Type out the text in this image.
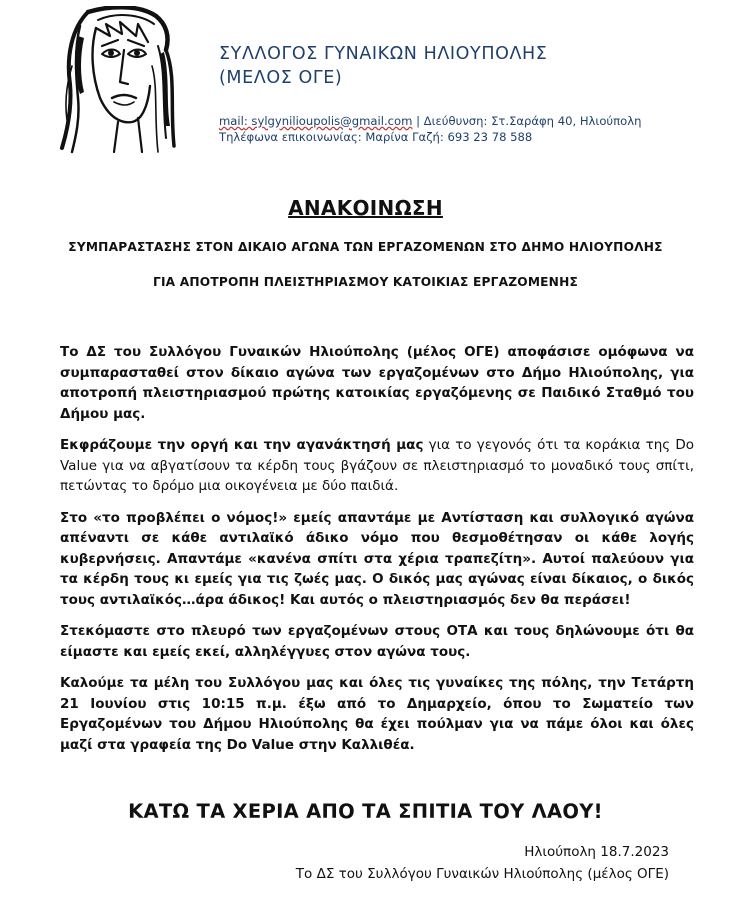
ΣΥΛΛΟΓΟΣ ΓΥΝΑΙΚΩΝ ΗΛΙΟΥΠΟΛΗΣ
(ΜΕΛΟΣ ΟΓΕ)
mail: sylgynilioupolis@gmail.com | Διεύθυνση: Στ.Σαράφη 40, Ηλιούπολη
Τηλέφωνα επικοινωνίας: Μαρίνα Γαζή: 693 23 78 588
ΑΝΑΚΟΙΝΩΣΗ
ΣΥΜΠΑΡΑΣΤΑΣΗΣ ΣΤΟΝ ΔΙΚΑΙΟ ΑΓΩΝΑ ΤΩΝ ΕΡΓΑΖΟΜΕΝΩΝ ΣΤΟ ΔΗΜΟ ΗΛΙΟΥΠΟΛΗΣ
ΓΙΑ ΑΠΟΤΡΟΠΗ ΠΛΕΙΣΤΗΡΙΑΣΜΟΥ ΚΑΤΟΙΚΙΑΣ ΕΡΓΑΖΟΜΕΝΗΣ

Το ΔΣ του Συλλόγου Γυναικών Ηλιούπολης (μέλος ΟΓΕ) αποφάσισε ομόφωνα να συμπαρασταθεί στον δίκαιο αγώνα των εργαζομένων στο Δήμο Ηλιούπολης, για αποτροπή πλειστηριασμού πρώτης κατοικίας εργαζόμενης σε Παιδικό Σταθμό του Δήμου μας.

Εκφράζουμε την οργή και την αγανάκτησή μας για το γεγονός ότι τα κοράκια της Do Value για να αβγατίσουν τα κέρδη τους βγάζουν σε πλειστηριασμό το μοναδικό τους σπίτι, πετώντας το δρόμο μια οικογένεια με δύο παιδιά.

Στο «το προβλέπει ο νόμος!» εμείς απαντάμε με Αντίσταση και συλλογικό αγώνα απέναντι σε κάθε αντιλαϊκό άδικο νόμο που θεσμοθέτησαν οι κάθε λογής κυβερνήσεις. Απαντάμε «κανένα σπίτι στα χέρια τραπεζίτη». Αυτοί παλεύουν για τα κέρδη τους κι εμείς για τις ζωές μας. Ο δικός μας αγώνας είναι δίκαιος, ο δικός τους αντιλαϊκός…άρα άδικος! Και αυτός ο πλειστηριασμός δεν θα περάσει!

Στεκόμαστε στο πλευρό των εργαζομένων στους ΟΤΑ και τους δηλώνουμε ότι θα είμαστε και εμείς εκεί, αλληλέγγυες στον αγώνα τους.

Καλούμε τα μέλη του Συλλόγου μας και όλες τις γυναίκες της πόλης, την Τετάρτη 21 Ιουνίου στις 10:15 π.μ. έξω από το Δημαρχείο, όπου το Σωματείο των Εργαζομένων του Δήμου Ηλιούπολης θα έχει πούλμαν για να πάμε όλοι και όλες μαζί στα γραφεία της Do Value στην Καλλιθέα.

ΚΑΤΩ ΤΑ ΧΕΡΙΑ ΑΠΟ ΤΑ ΣΠΙΤΙΑ ΤΟΥ ΛΑΟΥ!
Ηλιούπολη 18.7.2023
Το ΔΣ του Συλλόγου Γυναικών Ηλιούπολης (μέλος ΟΓΕ)
